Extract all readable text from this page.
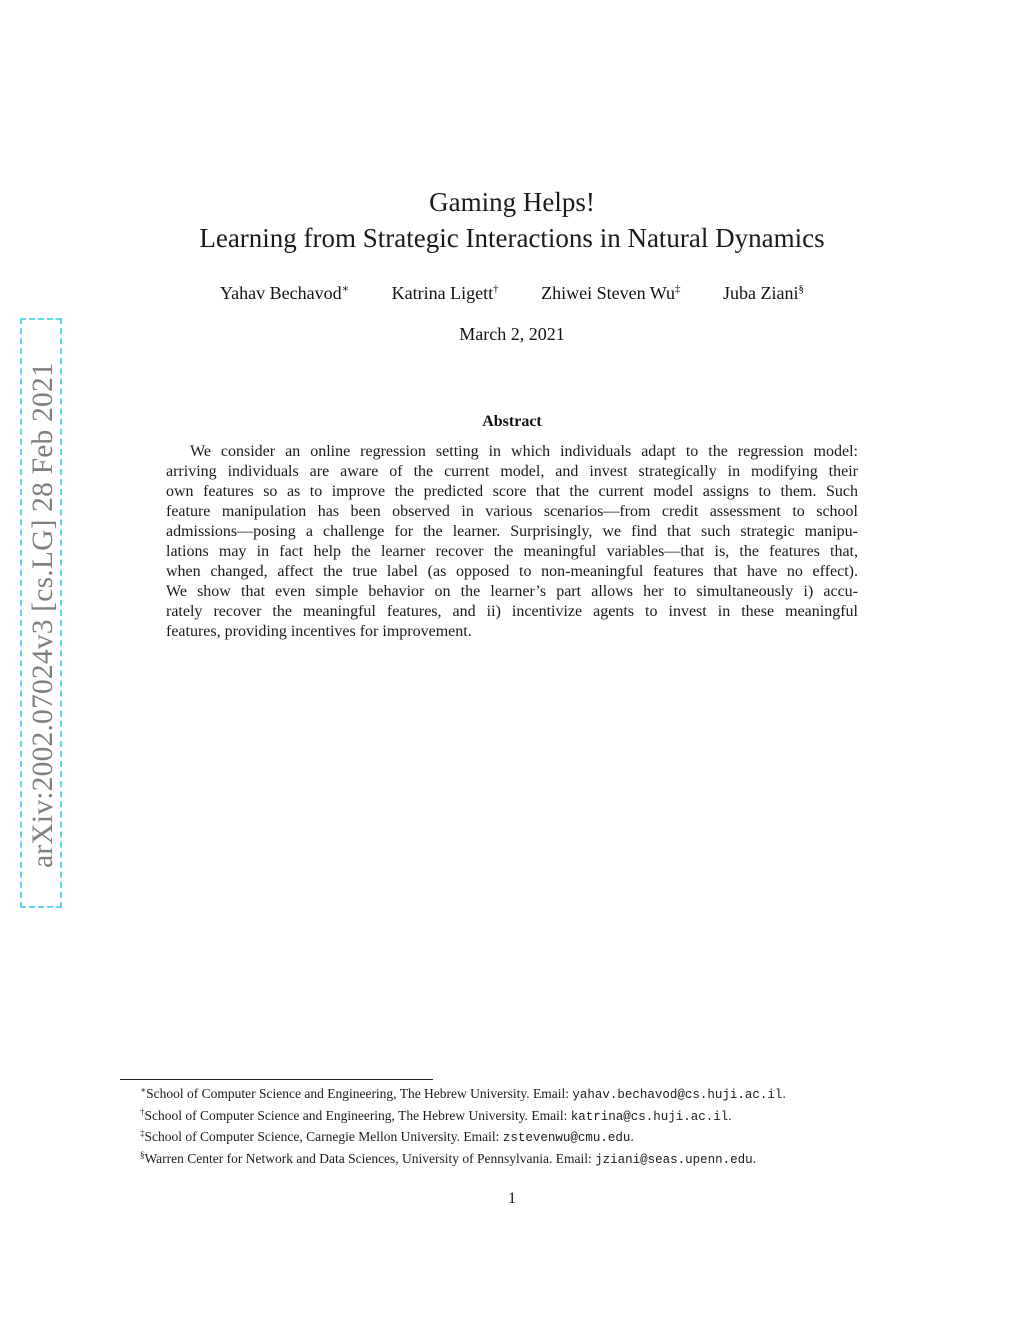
arXiv:2002.07024v3 [cs.LG] 28 Feb 2021
Gaming Helps!
Learning from Strategic Interactions in Natural Dynamics
Yahav Bechavod∗ Katrina Ligett† Zhiwei Steven Wu‡ Juba Ziani§
March 2, 2021
Abstract
We consider an online regression setting in which individuals adapt to the regression model:
arriving individuals are aware of the current model, and invest strategically in modifying their
own features so as to improve the predicted score that the current model assigns to them. Such
feature manipulation has been observed in various scenarios—from credit assessment to school
admissions—posing a challenge for the learner. Surprisingly, we find that such strategic manipu-
lations may in fact help the learner recover the meaningful variables—that is, the features that,
when changed, affect the true label (as opposed to non-meaningful features that have no effect).
We show that even simple behavior on the learner’s part allows her to simultaneously i) accu-
rately recover the meaningful features, and ii) incentivize agents to invest in these meaningful
features, providing incentives for improvement.
∗School of Computer Science and Engineering, The Hebrew University. Email: yahav.bechavod@cs.huji.ac.il.
†School of Computer Science and Engineering, The Hebrew University. Email: katrina@cs.huji.ac.il.
‡School of Computer Science, Carnegie Mellon University. Email: zstevenwu@cmu.edu.
§Warren Center for Network and Data Sciences, University of Pennsylvania. Email: jziani@seas.upenn.edu.
1
